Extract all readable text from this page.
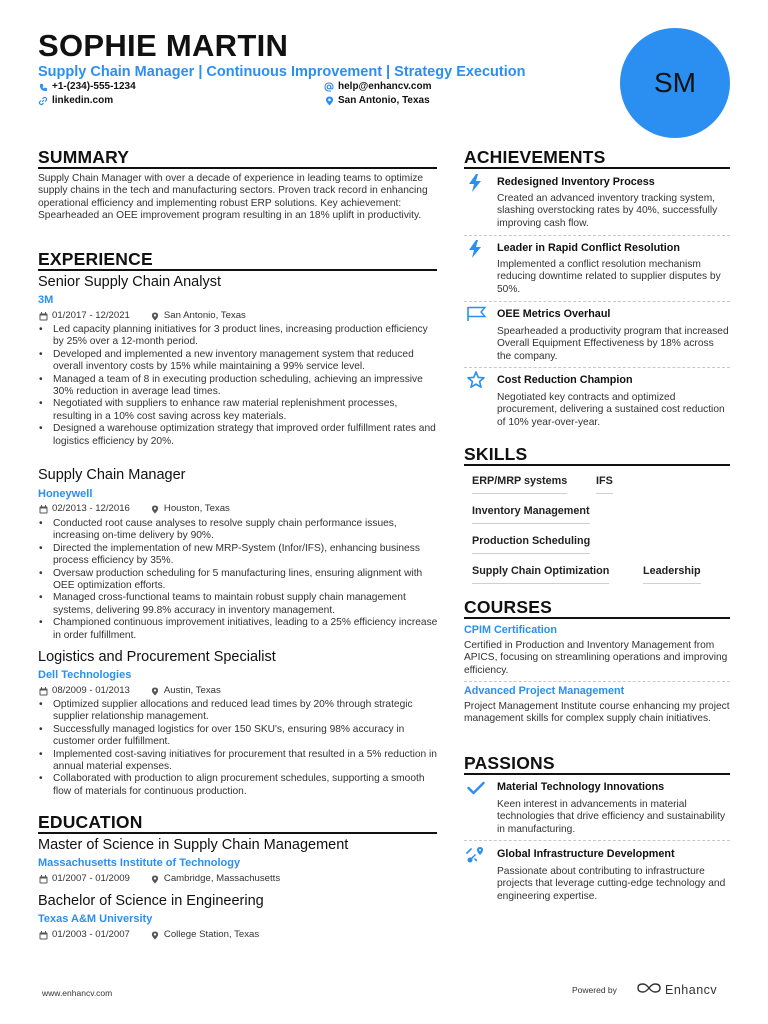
SOPHIE MARTIN
Supply Chain Manager | Continuous Improvement | Strategy Execution
+1-(234)-555-1234	help@enhancv.com
linkedin.com	San Antonio, Texas
SM
SUMMARY
Supply Chain Manager with over a decade of experience in leading teams to optimize supply chains in the tech and manufacturing sectors. Proven track record in enhancing operational efficiency and implementing robust ERP solutions. Key achievement: Spearheaded an OEE improvement program resulting in an 18% uplift in productivity.
EXPERIENCE
Senior Supply Chain Analyst
3M
01/2017 - 12/2021	San Antonio, Texas
• Led capacity planning initiatives for 3 product lines, increasing production efficiency by 25% over a 12-month period.
• Developed and implemented a new inventory management system that reduced overall inventory costs by 15% while maintaining a 99% service level.
• Managed a team of 8 in executing production scheduling, achieving an impressive 30% reduction in average lead times.
• Negotiated with suppliers to enhance raw material replenishment processes, resulting in a 10% cost saving across key materials.
• Designed a warehouse optimization strategy that improved order fulfillment rates and logistics efficiency by 20%.
Supply Chain Manager
Honeywell
02/2013 - 12/2016	Houston, Texas
• Conducted root cause analyses to resolve supply chain performance issues, increasing on-time delivery by 90%.
• Directed the implementation of new MRP-System (Infor/IFS), enhancing business process efficiency by 35%.
• Oversaw production scheduling for 5 manufacturing lines, ensuring alignment with OEE optimization efforts.
• Managed cross-functional teams to maintain robust supply chain management systems, delivering 99.8% accuracy in inventory management.
• Championed continuous improvement initiatives, leading to a 25% efficiency increase in order fulfillment.
Logistics and Procurement Specialist
Dell Technologies
08/2009 - 01/2013	Austin, Texas
• Optimized supplier allocations and reduced lead times by 20% through strategic supplier relationship management.
• Successfully managed logistics for over 150 SKU's, ensuring 98% accuracy in customer order fulfillment.
• Implemented cost-saving initiatives for procurement that resulted in a 5% reduction in annual material expenses.
• Collaborated with production to align procurement schedules, supporting a smooth flow of materials for continuous production.
EDUCATION
Master of Science in Supply Chain Management
Massachusetts Institute of Technology
01/2007 - 01/2009	Cambridge, Massachusetts
Bachelor of Science in Engineering
Texas A&M University
01/2003 - 01/2007	College Station, Texas
ACHIEVEMENTS
Redesigned Inventory Process
Created an advanced inventory tracking system, slashing overstocking rates by 40%, successfully improving cash flow.
Leader in Rapid Conflict Resolution
Implemented a conflict resolution mechanism reducing downtime related to supplier disputes by 50%.
OEE Metrics Overhaul
Spearheaded a productivity program that increased Overall Equipment Effectiveness by 18% across the company.
Cost Reduction Champion
Negotiated key contracts and optimized procurement, delivering a sustained cost reduction of 10% year-over-year.
SKILLS
ERP/MRP systems	IFS
Inventory Management
Production Scheduling
Supply Chain Optimization	Leadership
COURSES
CPIM Certification
Certified in Production and Inventory Management from APICS, focusing on streamlining operations and improving efficiency.
Advanced Project Management
Project Management Institute course enhancing my project management skills for complex supply chain initiatives.
PASSIONS
Material Technology Innovations
Keen interest in advancements in material technologies that drive efficiency and sustainability in manufacturing.
Global Infrastructure Development
Passionate about contributing to infrastructure projects that leverage cutting-edge technology and engineering expertise.
www.enhancv.com	Powered by	Enhancv
